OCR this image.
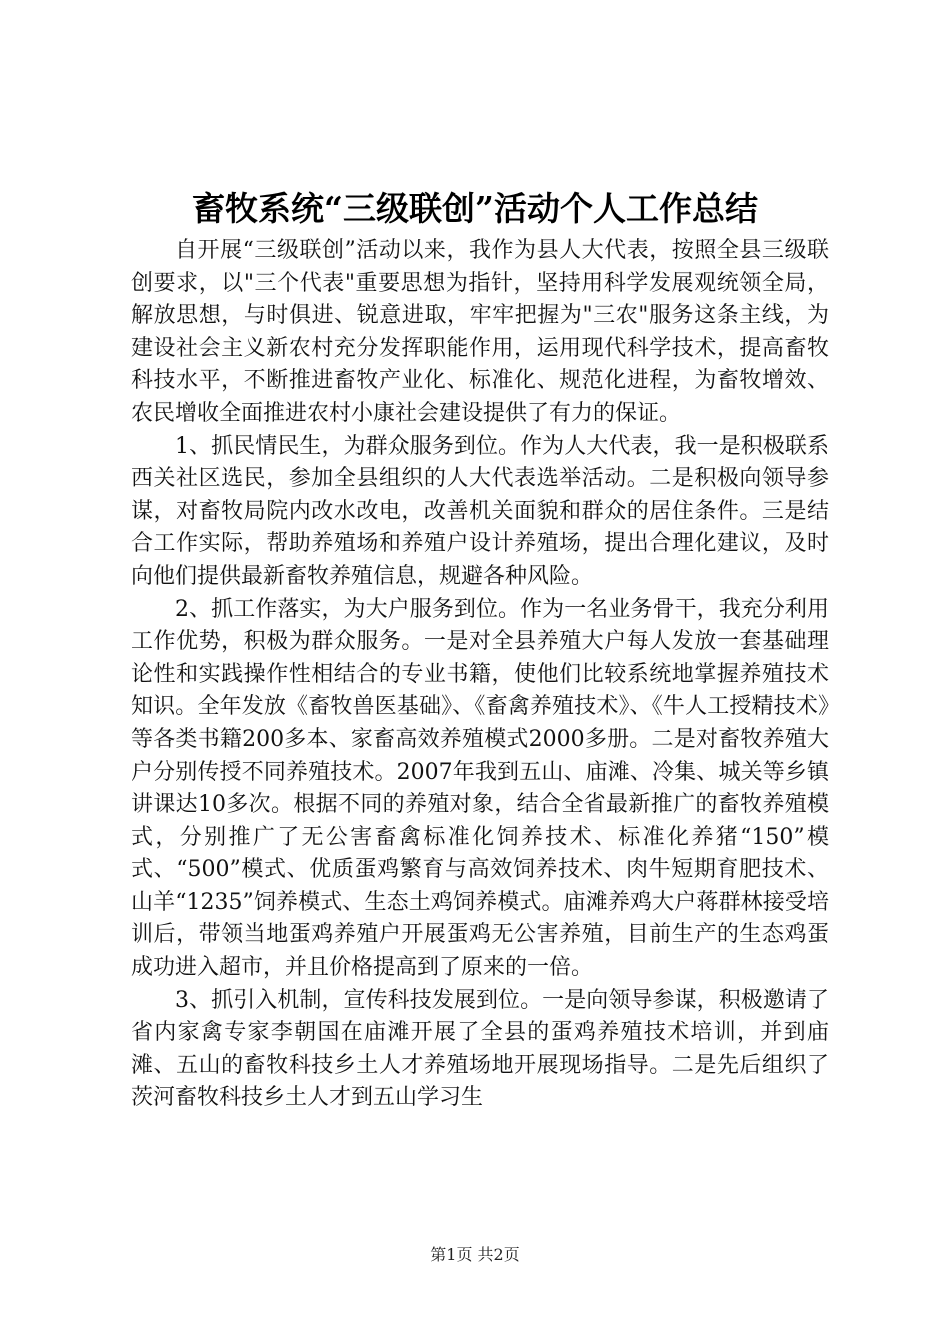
畜牧系统“三级联创”活动个人工作总结

自开展“三级联创”活动以来，我作为县人大代表，按照全县三级联创要求，以"三个代表"重要思想为指针，坚持用科学发展观统领全局，解放思想，与时俱进、锐意进取，牢牢把握为"三农"服务这条主线，为建设社会主义新农村充分发挥职能作用，运用现代科学技术，提高畜牧科技水平，不断推进畜牧产业化、标准化、规范化进程，为畜牧增效、农民增收全面推进农村小康社会建设提供了有力的保证。

1、抓民情民生，为群众服务到位。作为人大代表，我一是积极联系西关社区选民，参加全县组织的人大代表选举活动。二是积极向领导参谋，对畜牧局院内改水改电，改善机关面貌和群众的居住条件。三是结合工作实际，帮助养殖场和养殖户设计养殖场，提出合理化建议，及时向他们提供最新畜牧养殖信息，规避各种风险。

2、抓工作落实，为大户服务到位。作为一名业务骨干，我充分利用工作优势，积极为群众服务。一是对全县养殖大户每人发放一套基础理论性和实践操作性相结合的专业书籍，使他们比较系统地掌握养殖技术知识。全年发放《畜牧兽医基础》、《畜禽养殖技术》、《牛人工授精技术》等各类书籍200多本、家畜高效养殖模式2000多册。二是对畜牧养殖大户分别传授不同养殖技术。2007年我到五山、庙滩、冷集、城关等乡镇讲课达10多次。根据不同的养殖对象，结合全省最新推广的畜牧养殖模式，分别推广了无公害畜禽标准化饲养技术、标准化养猪“150”模式、“500”模式、优质蛋鸡繁育与高效饲养技术、肉牛短期育肥技术、山羊“1235”饲养模式、生态土鸡饲养模式。庙滩养鸡大户蒋群林接受培训后，带领当地蛋鸡养殖户开展蛋鸡无公害养殖，目前生产的生态鸡蛋成功进入超市，并且价格提高到了原来的一倍。

3、抓引入机制，宣传科技发展到位。一是向领导参谋，积极邀请了省内家禽专家李朝国在庙滩开展了全县的蛋鸡养殖技术培训，并到庙滩、五山的畜牧科技乡土人才养殖场地开展现场指导。二是先后组织了茨河畜牧科技乡土人才到五山学习生

第1页 共2页
